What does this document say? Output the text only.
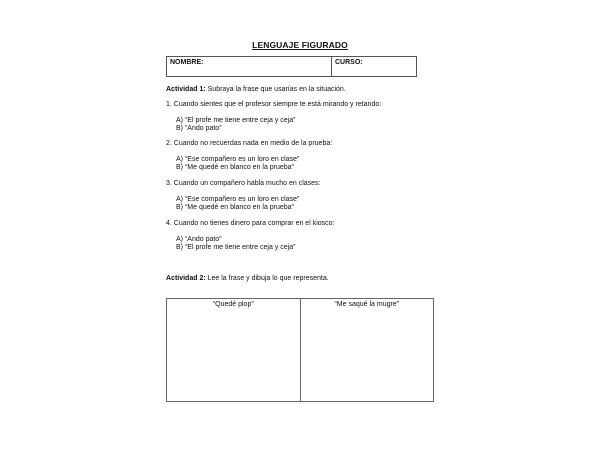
LENGUAJE FIGURADO
NOMBRE:	CURSO:
Actividad 1: Subraya la frase que usarías en la situación.
1. Cuando sientes que el profesor siempre te está mirando y retando:
A) “El profe me tiene entre ceja y ceja”
B) “Ando pato”
2. Cuando no recuerdas nada en medio de la prueba:
A) “Ese compañero es un loro en clase”
B) “Me quedé en blanco en la prueba”
3. Cuando un compañero habla mucho en clases:
A) “Ese compañero es un loro en clase”
B) “Me quedé en blanco en la prueba”
4. Cuando no tienes dinero para comprar en el kiosco:
A) “Ando pato”
B) “El profe me tiene entre ceja y ceja”
Actividad 2: Lee la frase y dibuja lo que representa.
“Quedé plop”	“Me saqué la mugre”
